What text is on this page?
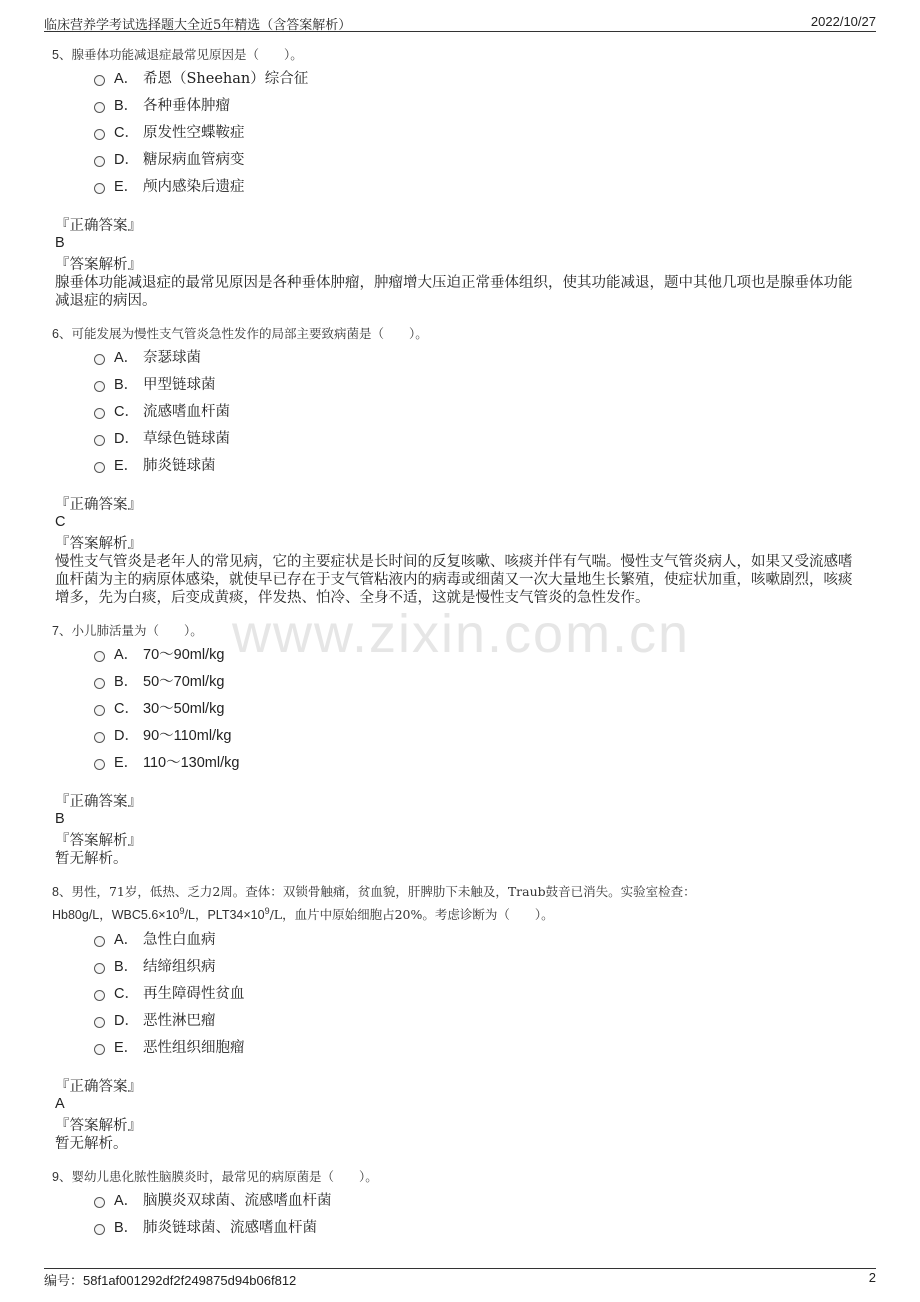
临床营养学考试选择题大全近5年精选（含答案解析）	2022/10/27
www.zixin.com.cn
5、腺垂体功能减退症最常见原因是（　　）。
A． 希恩（Sheehan）综合征
B． 各种垂体肿瘤
C． 原发性空蝶鞍症
D． 糖尿病血管病变
E． 颅内感染后遗症
『正确答案』
B
『答案解析』
腺垂体功能减退症的最常见原因是各种垂体肿瘤，肿瘤增大压迫正常垂体组织，使其功能减退，题中其他几项也是腺垂体功能减退症的病因。
6、可能发展为慢性支气管炎急性发作的局部主要致病菌是（　　）。
A． 奈瑟球菌
B． 甲型链球菌
C． 流感嗜血杆菌
D． 草绿色链球菌
E． 肺炎链球菌
『正确答案』
C
『答案解析』
慢性支气管炎是老年人的常见病，它的主要症状是长时间的反复咳嗽、咳痰并伴有气喘。慢性支气管炎病人，如果又受流感嗜血杆菌为主的病原体感染，就使早已存在于支气管粘液内的病毒或细菌又一次大量地生长繁殖，使症状加重，咳嗽剧烈，咳痰增多，先为白痰，后变成黄痰，伴发热、怕冷、全身不适，这就是慢性支气管炎的急性发作。
7、小儿肺活量为（　　）。
A． 70～90ml/kg
B． 50～70ml/kg
C． 30～50ml/kg
D． 90～110ml/kg
E． 110～130ml/kg
『正确答案』
B
『答案解析』
暂无解析。
8、男性，71岁，低热、乏力2周。查体：双锁骨触痛，贫血貌，肝脾肋下未触及，Traub鼓音已消失。实验室检查：
Hb80g/L，$WBC5.6\times 10^9/L$，$PLT34\times 10^9/L$，血片中原始细胞占20%。考虑诊断为（　　）。
A． 急性白血病
B． 结缔组织病
C． 再生障碍性贫血
D． 恶性淋巴瘤
E． 恶性组织细胞瘤
『正确答案』
A
『答案解析』
暂无解析。
9、婴幼儿患化脓性脑膜炎时，最常见的病原菌是（　　）。
A． 脑膜炎双球菌、流感嗜血杆菌
B． 肺炎链球菌、流感嗜血杆菌
编号：58f1af001292df2f249875d94b06f812	2
